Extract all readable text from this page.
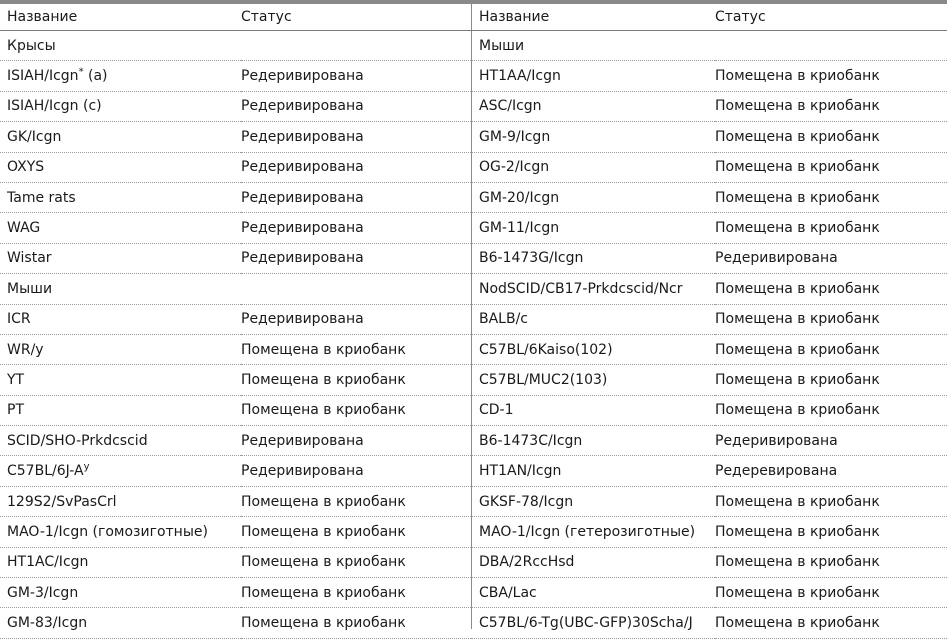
Название	Статус
Крысы	
ISIAH/Icgn* (a)	Редеривирована
ISIAH/Icgn (c)	Редеривирована
GK/Icgn	Редеривирована
OXYS	Редеривирована
Tame rats	Редеривирована
WAG	Редеривирована
Wistar	Редеривирована
Мыши	
ICR	Редеривирована
WR/y	Помещена в криобанк
YT	Помещена в криобанк
PT	Помещена в криобанк
SCID/SHO-Prkdcscid	Редеривирована
$C57BL/6J-A^y$	Редеривирована
129S2/SvPasCrl	Помещена в криобанк
MAO-1/Icgn (гомозиготные)	Помещена в криобанк
HT1AC/Icgn	Помещена в криобанк
GM-3/Icgn	Помещена в криобанк
GM-83/Icgn	Помещена в криобанк
Название	Статус
Мыши	
HT1AA/Icgn	Помещена в криобанк
ASC/Icgn	Помещена в криобанк
GM-9/Icgn	Помещена в криобанк
OG-2/Icgn	Помещена в криобанк
GM-20/Icgn	Помещена в криобанк
GM-11/Icgn	Помещена в криобанк
B6-1473G/Icgn	Редеривирована
NodSCID/CB17-Prkdcscid/Ncr	Помещена в криобанк
BALB/c	Помещена в криобанк
C57BL/6Kaiso(102)	Помещена в криобанк
C57BL/MUC2(103)	Помещена в криобанк
CD-1	Помещена в криобанк
B6-1473C/Icgn	Редеривирована
HT1AN/Icgn	Редеревирована
GKSF-78/Icgn	Помещена в криобанк
MAO-1/Icgn (гетерозиготные)	Помещена в криобанк
DBA/2RccHsd	Помещена в криобанк
CBA/Lac	Помещена в криобанк
C57BL/6-Tg(UBC-GFP)30Scha/J	Помещена в криобанк
